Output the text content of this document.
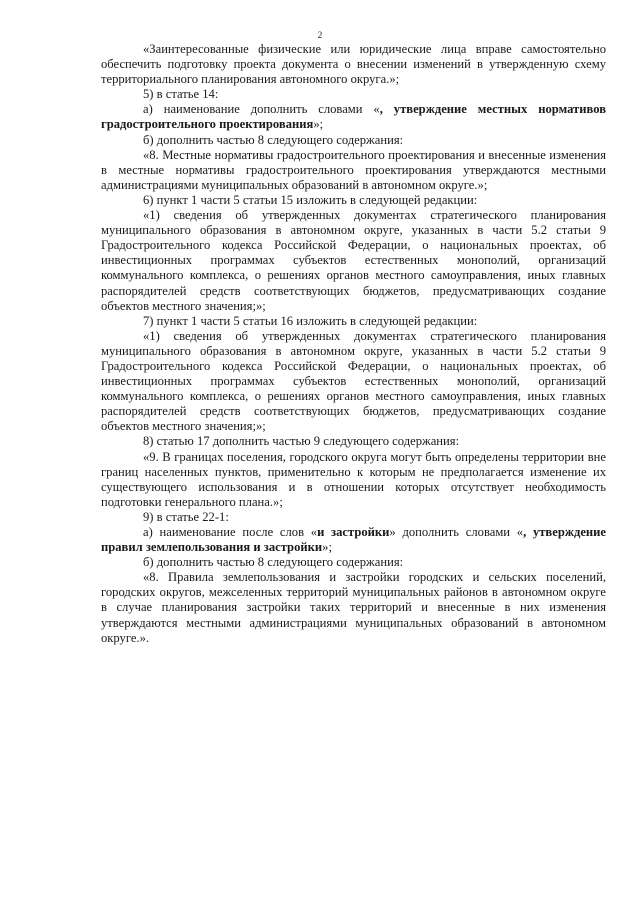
2

«Заинтересованные физические или юридические лица вправе самостоятельно обеспечить подготовку проекта документа о внесении изменений в утвержденную схему территориального планирования автономного округа.»;

5) в статье 14:

а) наименование дополнить словами «, утверждение местных нормативов градостроительного проектирования»;

б) дополнить частью 8 следующего содержания:

«8. Местные нормативы градостроительного проектирования и внесенные изменения в местные нормативы градостроительного проектирования утверждаются местными администрациями муниципальных образований в автономном округе.»;

6) пункт 1 части 5 статьи 15 изложить в следующей редакции:

«1) сведения об утвержденных документах стратегического планирования муниципального образования в автономном округе, указанных в части 5.2 статьи 9 Градостроительного кодекса Российской Федерации, о национальных проектах, об инвестиционных программах субъектов естественных монополий, организаций коммунального комплекса, о решениях органов местного самоуправления, иных главных распорядителей средств соответствующих бюджетов, предусматривающих создание объектов местного значения;»;

7) пункт 1 части 5 статьи 16 изложить в следующей редакции:

«1) сведения об утвержденных документах стратегического планирования муниципального образования в автономном округе, указанных в части 5.2 статьи 9 Градостроительного кодекса Российской Федерации, о национальных проектах, об инвестиционных программах субъектов естественных монополий, организаций коммунального комплекса, о решениях органов местного самоуправления, иных главных распорядителей средств соответствующих бюджетов, предусматривающих создание объектов местного значения;»;

8) статью 17 дополнить частью 9 следующего содержания:

«9. В границах поселения, городского округа могут быть определены территории вне границ населенных пунктов, применительно к которым не предполагается изменение их существующего использования и в отношении которых отсутствует необходимость подготовки генерального плана.»;

9) в статье 22-1:

а) наименование после слов «и застройки» дополнить словами «, утверждение правил землепользования и застройки»;

б) дополнить частью 8 следующего содержания:

«8. Правила землепользования и застройки городских и сельских поселений, городских округов, межселенных территорий муниципальных районов в автономном округе в случае планирования застройки таких территорий и внесенные в них изменения утверждаются местными администрациями муниципальных образований в автономном округе.».
